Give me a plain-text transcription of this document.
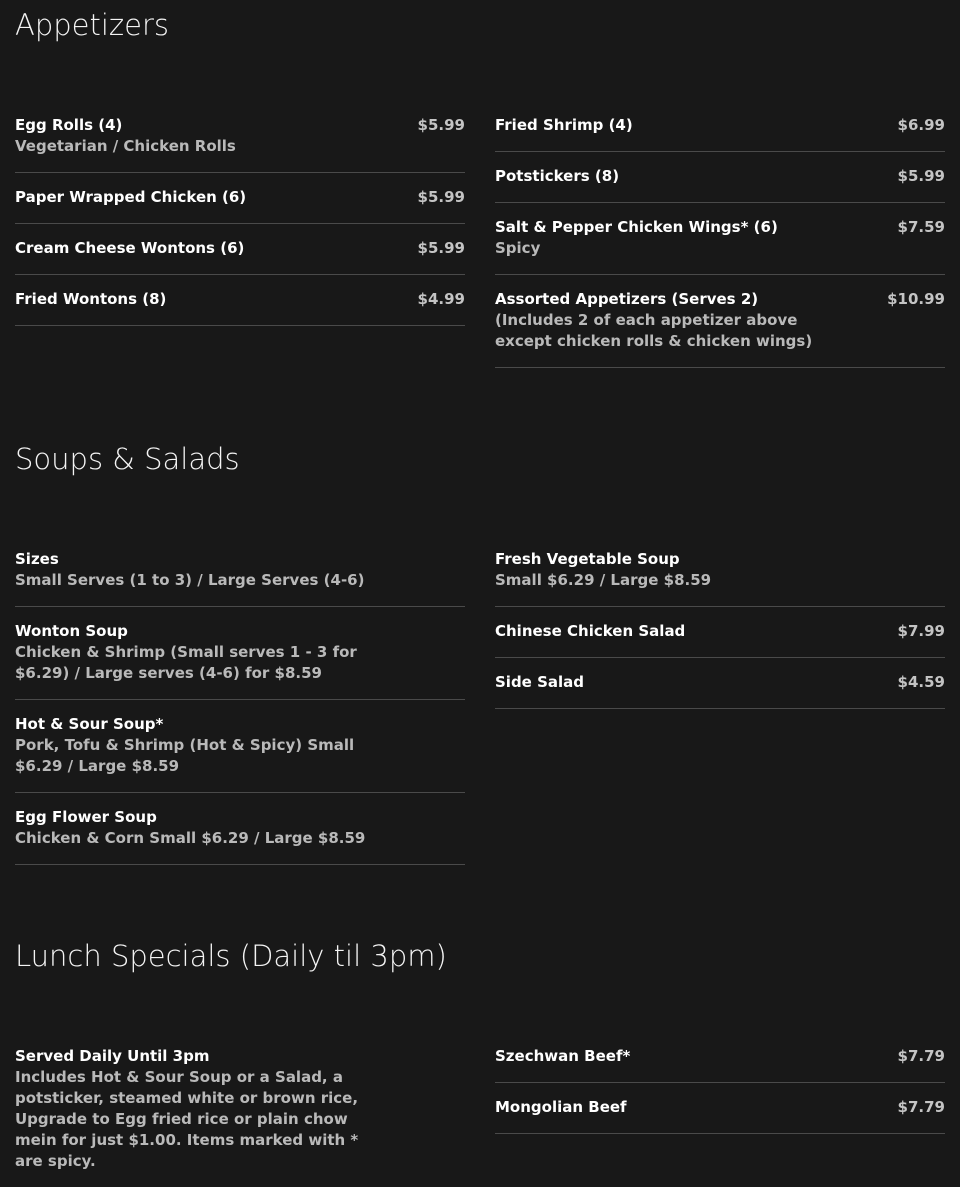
Appetizers
Egg Rolls (4)
Vegetarian / Chicken Rolls
$5.99
Paper Wrapped Chicken (6)	$5.99
Cream Cheese Wontons (6)	$5.99
Fried Wontons (8)	$4.99
Fried Shrimp (4)	$6.99
Potstickers (8)	$5.99
Salt & Pepper Chicken Wings* (6)
Spicy
$7.59
Assorted Appetizers (Serves 2)
(Includes 2 of each appetizer above except chicken rolls & chicken wings)
$10.99
Soups & Salads
Sizes
Small Serves (1 to 3) / Large Serves (4-6)
Wonton Soup
Chicken & Shrimp (Small serves 1 - 3 for $6.29) / Large serves (4-6) for $8.59
Hot & Sour Soup*
Pork, Tofu & Shrimp (Hot & Spicy) Small $6.29 / Large $8.59
Egg Flower Soup
Chicken & Corn Small $6.29 / Large $8.59
Fresh Vegetable Soup
Small $6.29 / Large $8.59
Chinese Chicken Salad	$7.99
Side Salad	$4.59
Lunch Specials (Daily til 3pm)
Served Daily Until 3pm
Includes Hot & Sour Soup or a Salad, a potsticker, steamed white or brown rice, Upgrade to Egg fried rice or plain chow mein for just $1.00. Items marked with * are spicy.
Szechwan Beef*	$7.79
Mongolian Beef	$7.79
